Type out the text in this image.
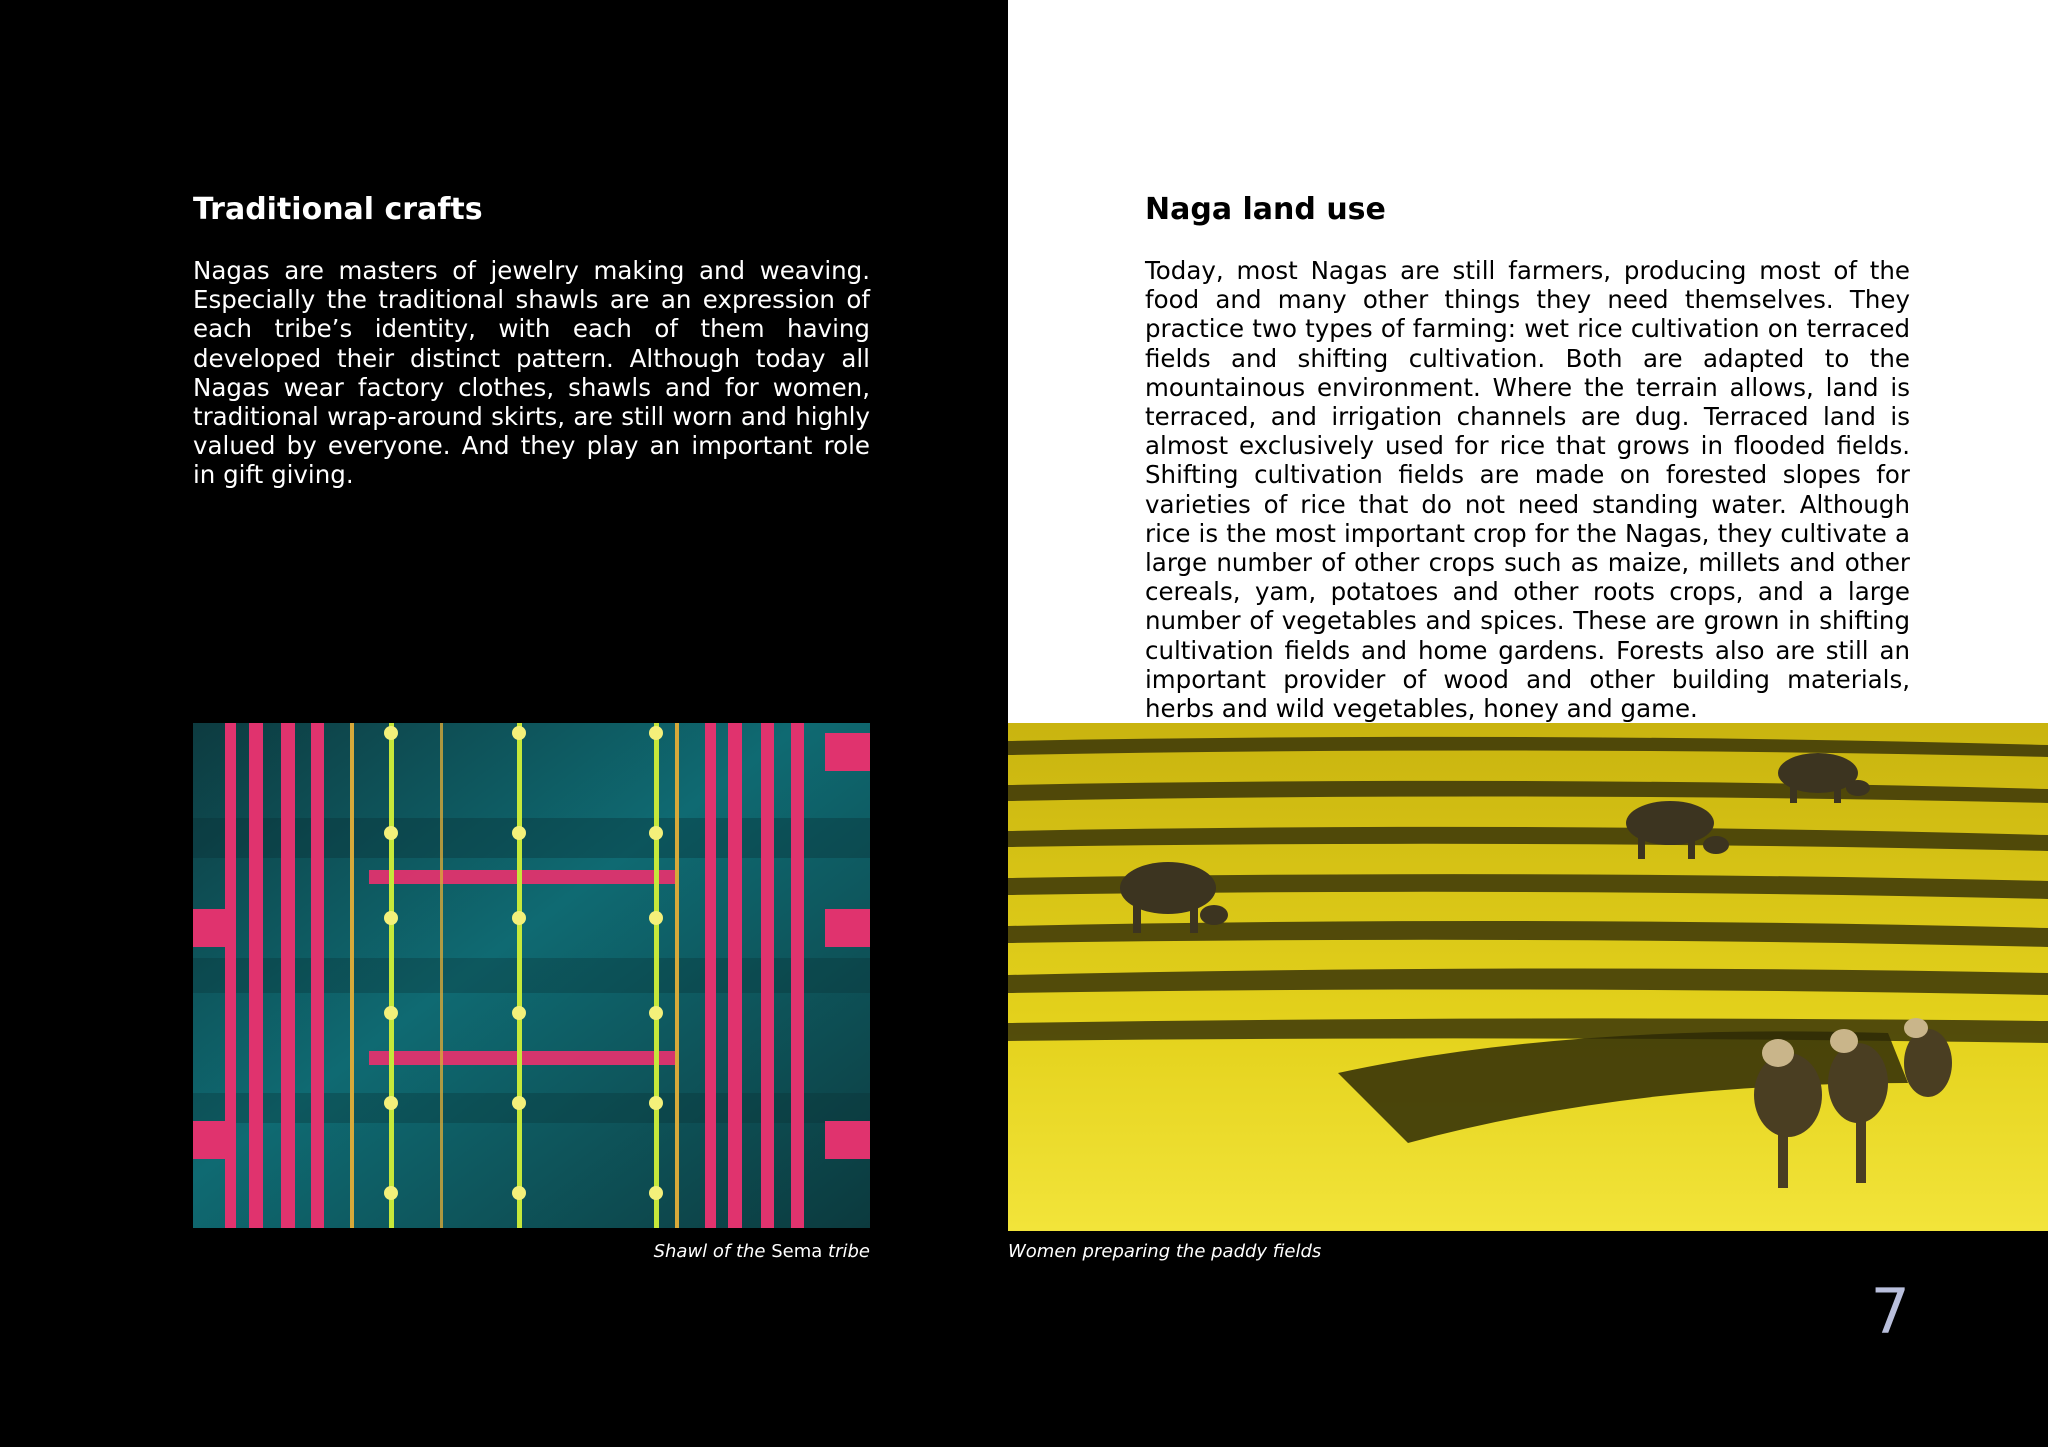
Traditional crafts

Nagas are masters of jewelry making and weaving. Especially the traditional shawls are an expression of each tribe’s identity, with each of them having developed their distinct pattern. Although today all Nagas wear factory clothes, shawls and for women, traditional wrap-around skirts, are still worn and highly valued by everyone. And they play an important role in gift giving.

Naga land use

Today, most Nagas are still farmers, producing most of the food and many other things they need themselves. They practice two types of farming: wet rice cultivation on terraced fields and shifting cultivation. Both are adapted to the mountainous environment. Where the terrain allows, land is terraced, and irrigation channels are dug. Terraced land is almost exclusively used for rice that grows in flooded fields. Shifting cultivation fields are made on forested slopes for varieties of rice that do not need standing water. Although rice is the most important crop for the Nagas, they cultivate a large number of other crops such as maize, millets and other cereals, yam, potatoes and other roots crops, and a large number of vegetables and spices. These are grown in shifting cultivation fields and home gardens. Forests also are still an important provider of wood and other building materials, herbs and wild vegetables, honey and game.

Shawl of the Sema tribe	Women preparing the paddy fields

7
